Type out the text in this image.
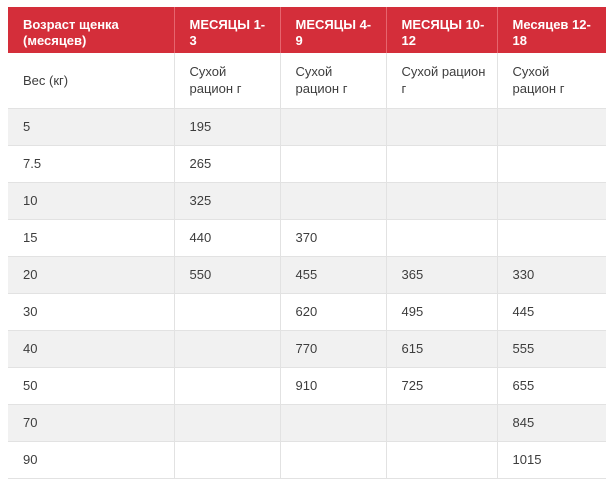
Возраст щенка (месяцев)	МЕСЯЦЫ 1-3	МЕСЯЦЫ 4-9	МЕСЯЦЫ 10-12	Месяцев 12-18
Вес (кг)	Сухой рацион г	Сухой рацион г	Сухой рацион г	Сухой рацион г
5	195			
7.5	265			
10	325			
15	440	370		
20	550	455	365	330
30		620	495	445
40		770	615	555
50		910	725	655
70				845
90				1015
